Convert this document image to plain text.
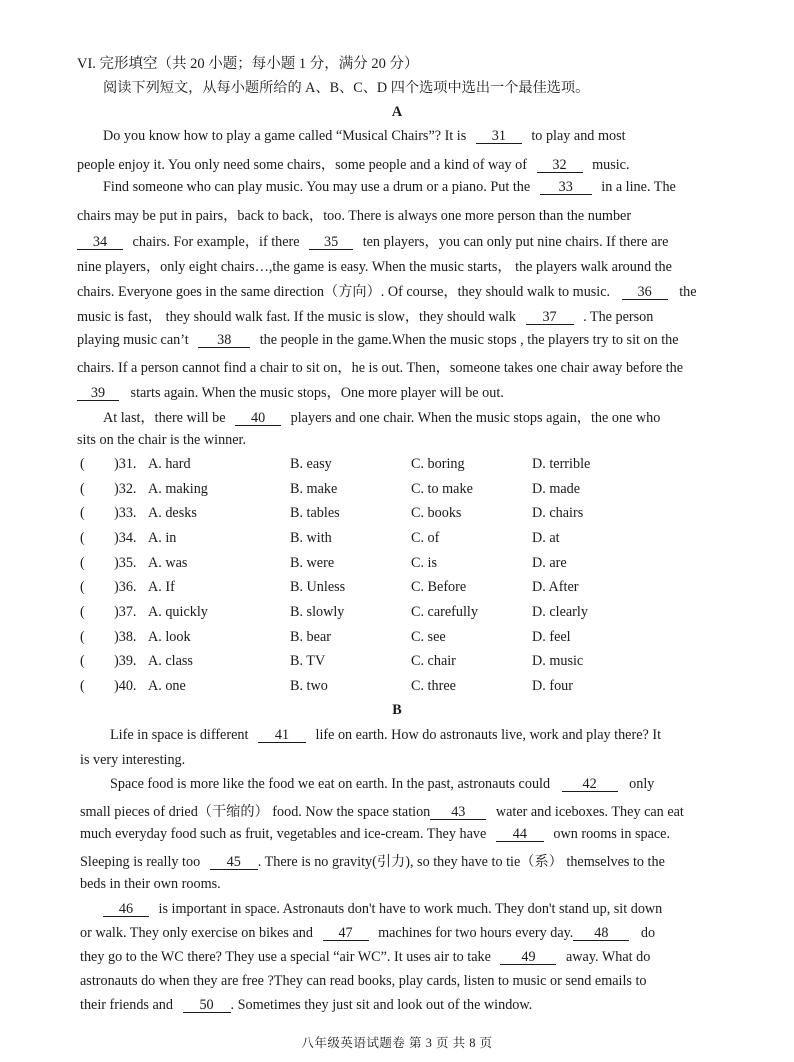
VI. 完形填空（共 20 小题；每小题 1 分，满分 20 分）
阅读下列短文，从每小题所给的 A、B、C、D 四个选项中选出一个最佳选项。
A
Do you know how to play a game called “Musical Chairs”? It is 31 to play and most
people enjoy it. You only need some chairs，some people and a kind of way of 32 music.
Find someone who can play music. You may use a drum or a piano. Put the 33 in a line. The
chairs may be put in pairs，back to back，too. There is always one more person than the number
34 chairs. For example，if there 35 ten players，you can only put nine chairs. If there are
nine players，only eight chairs…,the game is easy. When the music starts， the players walk around the
chairs. Everyone goes in the same direction（方向）. Of course，they should walk to music. 36 the
music is fast， they should walk fast. If the music is slow，they should walk 37 . The person
playing music can’t 38 the people in the game.When the music stops , the players try to sit on the
chairs. If a person cannot find a chair to sit on，he is out. Then，someone takes one chair away before the
39 starts again. When the music stops，One more player will be out.
At last，there will be 40 players and one chair. When the music stops again，the one who
sits on the chair is the winner.
( )31. A. hard	B. easy	C. boring	D. terrible
( )32. A. making	B. make	C. to make	D. made
( )33. A. desks	B. tables	C. books	D. chairs
( )34. A. in	B. with	C. of	D. at
( )35. A. was	B. were	C. is	D. are
( )36. A. If	B. Unless	C. Before	D. After
( )37. A. quickly	B. slowly	C. carefully	D. clearly
( )38. A. look	B. bear	C. see	D. feel
( )39. A. class	B. TV	C. chair	D. music
( )40. A. one	B. two	C. three	D. four
B
Life in space is different 41 life on earth. How do astronauts live, work and play there? It
is very interesting.
Space food is more like the food we eat on earth. In the past, astronauts could 42 only
small pieces of dried（干缩的） food. Now the space station 43 water and iceboxes. They can eat
much everyday food such as fruit, vegetables and ice-cream. They have 44 own rooms in space.
Sleeping is really too 45 . There is no gravity(引力), so they have to tie（系） themselves to the
beds in their own rooms.
46 is important in space. Astronauts don't have to work much. They don't stand up, sit down
or walk. They only exercise on bikes and 47 machines for two hours every day. 48 do
they go to the WC there? They use a special “air WC”. It uses air to take 49 away. What do
astronauts do when they are free ?They can read books, play cards, listen to music or send emails to
their friends and 50 . Sometimes they just sit and look out of the window.
八年级英语试题卷 第 3 页 共 8 页
